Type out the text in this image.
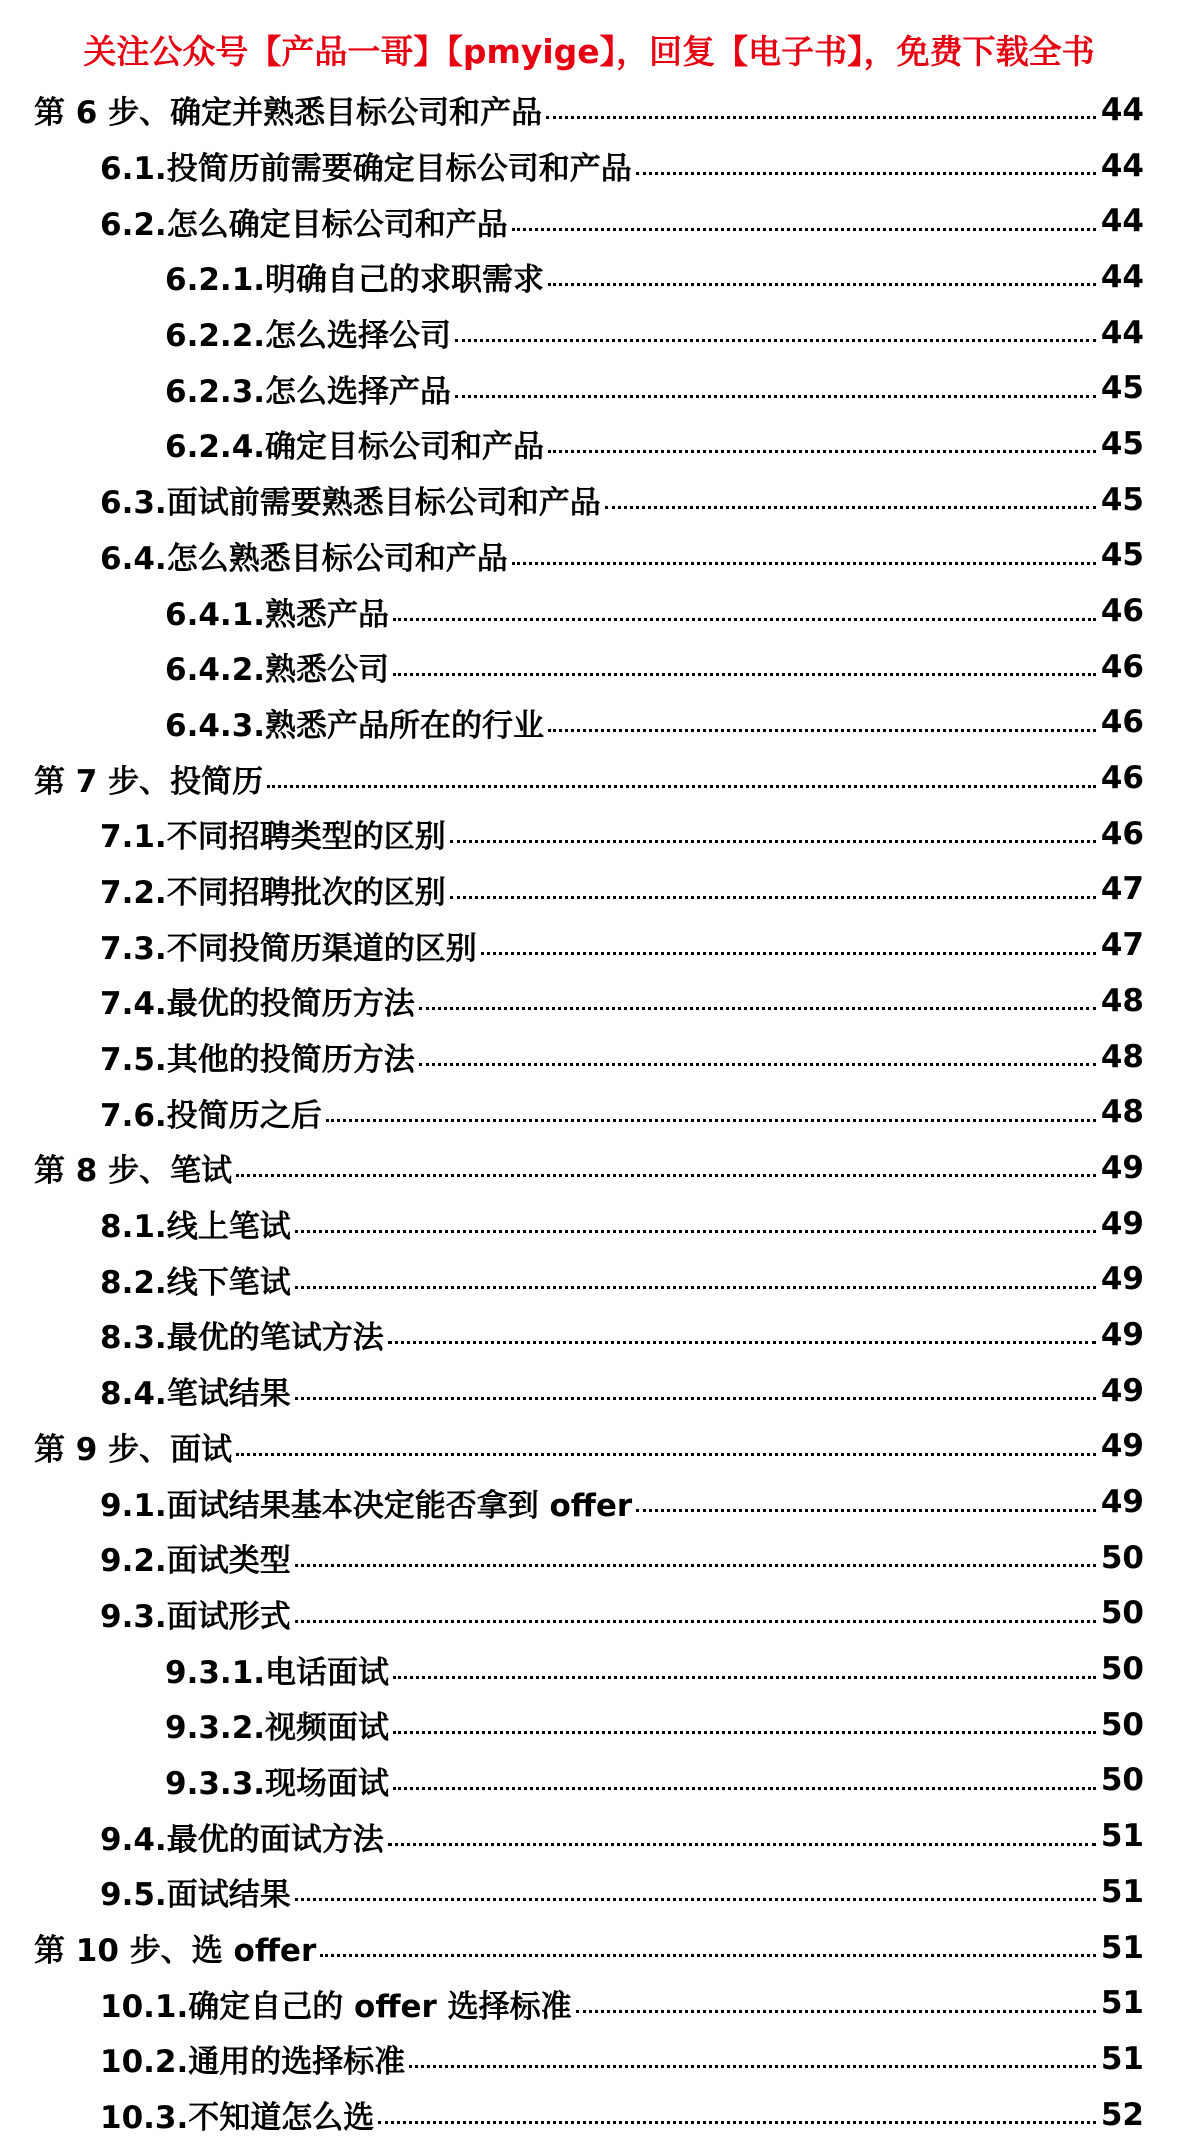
关注公众号【产品一哥】【pmyige】，回复【电子书】，免费下载全书
第 6 步、确定并熟悉目标公司和产品	44
6.1.投简历前需要确定目标公司和产品	44
6.2.怎么确定目标公司和产品	44
6.2.1.明确自己的求职需求	44
6.2.2.怎么选择公司	44
6.2.3.怎么选择产品	45
6.2.4.确定目标公司和产品	45
6.3.面试前需要熟悉目标公司和产品	45
6.4.怎么熟悉目标公司和产品	45
6.4.1.熟悉产品	46
6.4.2.熟悉公司	46
6.4.3.熟悉产品所在的行业	46
第 7 步、投简历	46
7.1.不同招聘类型的区别	46
7.2.不同招聘批次的区别	47
7.3.不同投简历渠道的区别	47
7.4.最优的投简历方法	48
7.5.其他的投简历方法	48
7.6.投简历之后	48
第 8 步、笔试	49
8.1.线上笔试	49
8.2.线下笔试	49
8.3.最优的笔试方法	49
8.4.笔试结果	49
第 9 步、面试	49
9.1.面试结果基本决定能否拿到 offer	49
9.2.面试类型	50
9.3.面试形式	50
9.3.1.电话面试	50
9.3.2.视频面试	50
9.3.3.现场面试	50
9.4.最优的面试方法	51
9.5.面试结果	51
第 10 步、选 offer	51
10.1.确定自己的 offer 选择标准	51
10.2.通用的选择标准	51
10.3.不知道怎么选	52
